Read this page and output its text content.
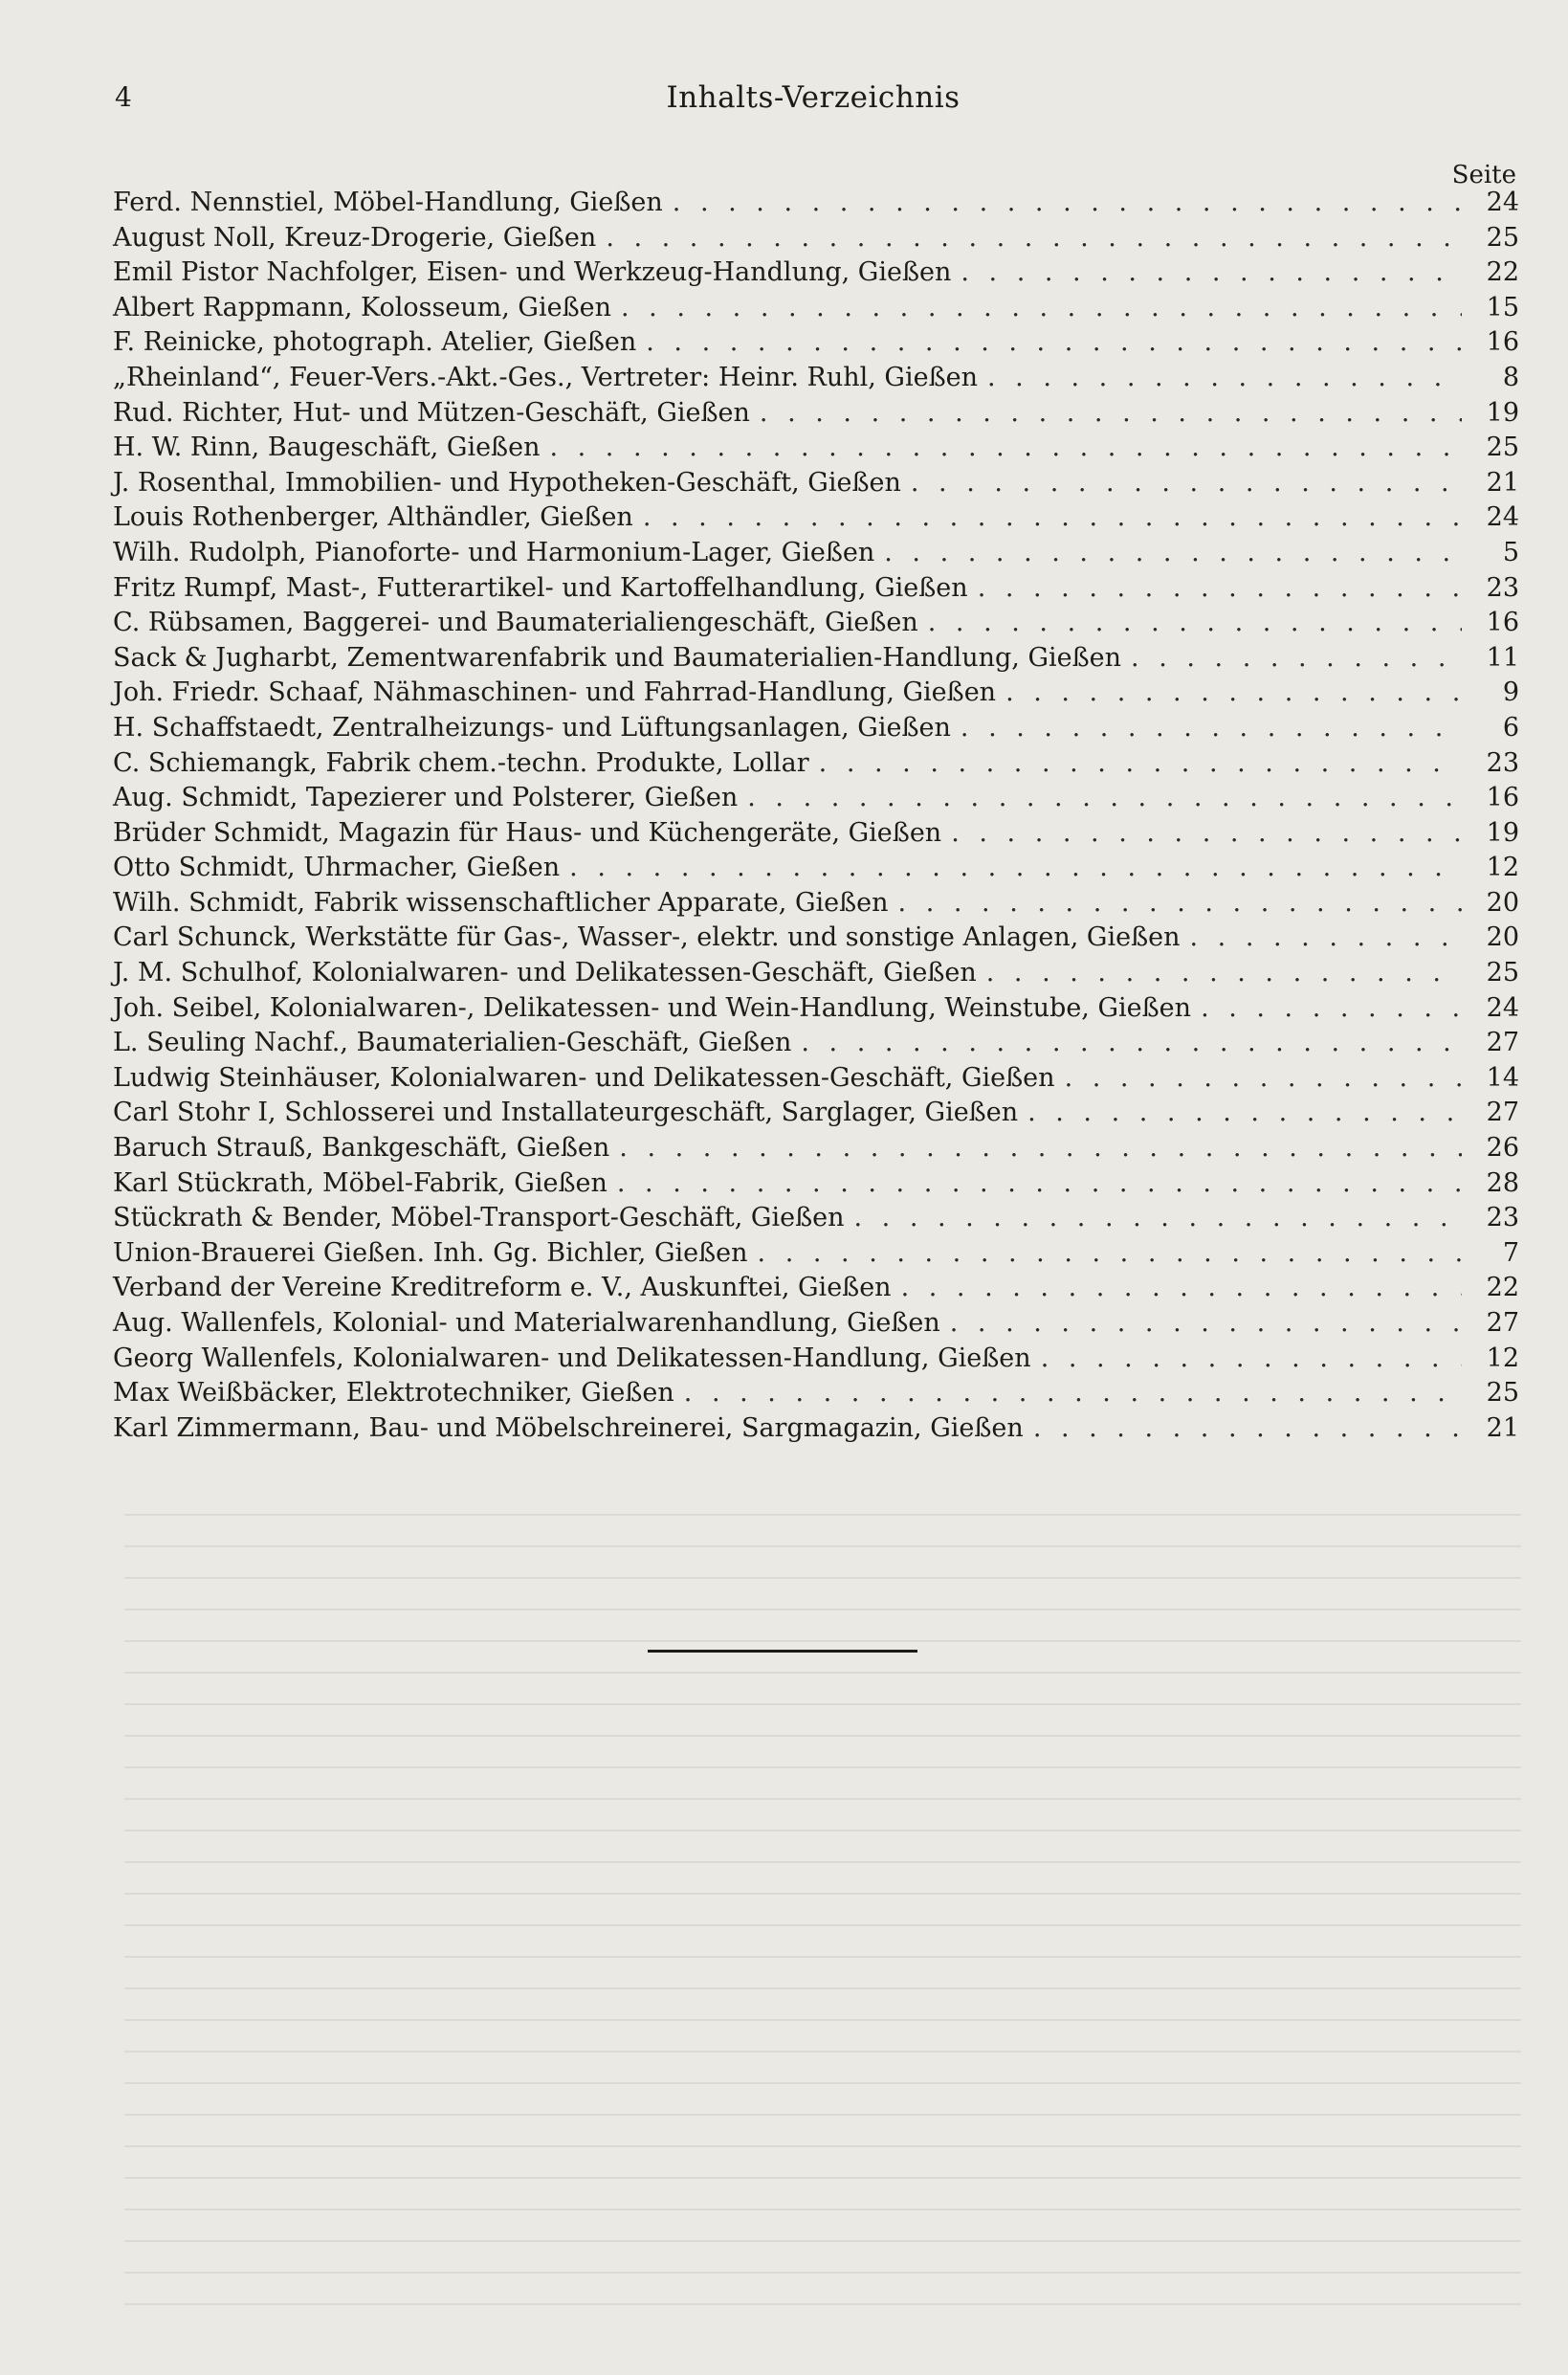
4	Inhalts-Verzeichnis
Seite
Ferd. Nennstiel, Möbel-Handlung, Gießen . . .	24
August Noll, Kreuz-Drogerie, Gießen . . .	25
Emil Pistor Nachfolger, Eisen- und Werkzeug-Handlung, Gießen . . .	22
Albert Rappmann, Kolosseum, Gießen . . .	15
F. Reinicke, photograph. Atelier, Gießen . . .	16
„Rheinland“, Feuer-Vers.-Akt.-Ges., Vertreter: Heinr. Ruhl, Gießen . . .	8
Rud. Richter, Hut- und Mützen-Geschäft, Gießen . . .	19
H. W. Rinn, Baugeschäft, Gießen . . .	25
J. Rosenthal, Immobilien- und Hypotheken-Geschäft, Gießen . . .	21
Louis Rothenberger, Althändler, Gießen . . .	24
Wilh. Rudolph, Pianoforte- und Harmonium-Lager, Gießen . . .	5
Fritz Rumpf, Mast-, Futterartikel- und Kartoffelhandlung, Gießen . . .	23
C. Rübsamen, Baggerei- und Baumaterialiengeschäft, Gießen . . .	16
Sack & Jugharbt, Zementwarenfabrik und Baumaterialien-Handlung, Gießen . . .	11
Joh. Friedr. Schaaf, Nähmaschinen- und Fahrrad-Handlung, Gießen . . .	9
H. Schaffstaedt, Zentralheizungs- und Lüftungsanlagen, Gießen . . .	6
C. Schiemangk, Fabrik chem.-techn. Produkte, Lollar . . .	23
Aug. Schmidt, Tapezierer und Polsterer, Gießen . . .	16
Brüder Schmidt, Magazin für Haus- und Küchengeräte, Gießen . . .	19
Otto Schmidt, Uhrmacher, Gießen . . .	12
Wilh. Schmidt, Fabrik wissenschaftlicher Apparate, Gießen . . .	20
Carl Schunck, Werkstätte für Gas-, Wasser-, elektr. und sonstige Anlagen, Gießen . . .	20
J. M. Schulhof, Kolonialwaren- und Delikatessen-Geschäft, Gießen . . .	25
Joh. Seibel, Kolonialwaren-, Delikatessen- und Wein-Handlung, Weinstube, Gießen . . .	24
L. Seuling Nachf., Baumaterialien-Geschäft, Gießen . . .	27
Ludwig Steinhäuser, Kolonialwaren- und Delikatessen-Geschäft, Gießen . . .	14
Carl Stohr I, Schlosserei und Installateurgeschäft, Sarglager, Gießen . . .	27
Baruch Strauß, Bankgeschäft, Gießen . . .	26
Karl Stückrath, Möbel-Fabrik, Gießen . . .	28
Stückrath & Bender, Möbel-Transport-Geschäft, Gießen . . .	23
Union-Brauerei Gießen. Inh. Gg. Bichler, Gießen . . .	7
Verband der Vereine Kreditreform e. V., Auskunftei, Gießen . . .	22
Aug. Wallenfels, Kolonial- und Materialwarenhandlung, Gießen . . .	27
Georg Wallenfels, Kolonialwaren- und Delikatessen-Handlung, Gießen . . .	12
Max Weißbäcker, Elektrotechniker, Gießen . . .	25
Karl Zimmermann, Bau- und Möbelschreinerei, Sargmagazin, Gießen . . .	21
